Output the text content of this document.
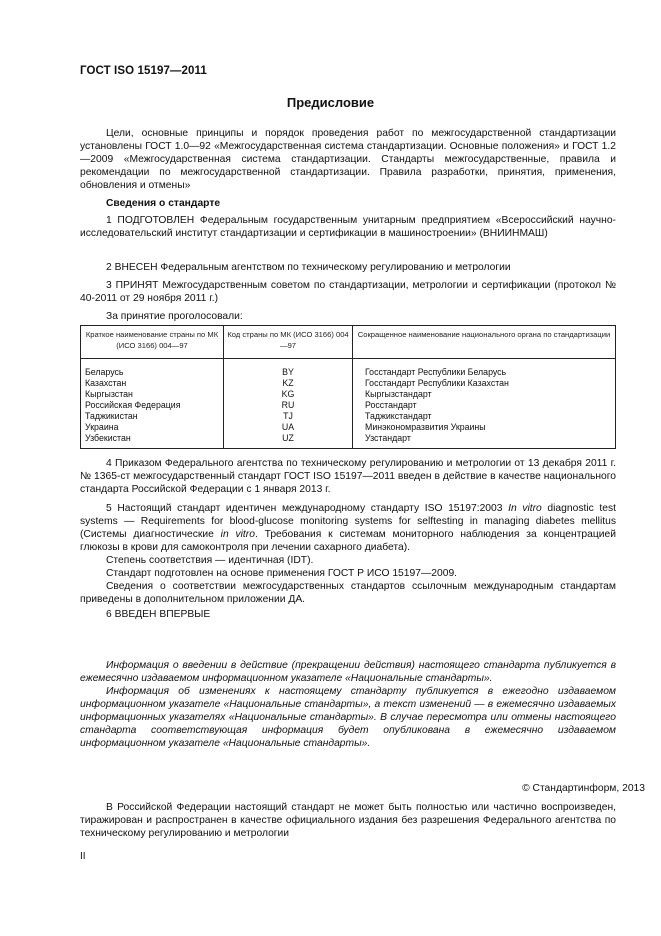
ГОСТ ISO 15197—2011
Предисловие

Цели, основные принципы и порядок проведения работ по межгосударственной стандартизации установлены ГОСТ 1.0—92 «Межгосударственная система стандартизации. Основные положения» и ГОСТ 1.2—2009 «Межгосударственная система стандартизации. Стандарты межгосударственные, правила и рекомендации по межгосударственной стандартизации. Правила разработки, принятия, применения, обновления и отмены»

Сведения о стандарте

1 ПОДГОТОВЛЕН Федеральным государственным унитарным предприятием «Всероссийский научно-исследовательский институт стандартизации и сертификации в машиностроении» (ВНИИНМАШ)

2 ВНЕСЕН Федеральным агентством по техническому регулированию и метрологии

3 ПРИНЯТ Межгосударственным советом по стандартизации, метрологии и сертификации (протокол № 40-2011 от 29 ноября 2011 г.)

За принятие проголосовали:

Краткое наименование страны по МК (ИСО 3166) 004—97	Код страны по МК (ИСО 3166) 004—97	Сокращенное наименование национального органа по стандартизации
Беларусь	BY	Госстандарт Республики Беларусь
Казахстан	KZ	Госстандарт Республики Казахстан
Кыргызстан	KG	Кыргызстандарт
Российская Федерация	RU	Росстандарт
Таджикистан	TJ	Таджикстандарт
Украина	UA	Минэкономразвития Украины
Узбекистан	UZ	Узстандарт

4 Приказом Федерального агентства по техническому регулированию и метрологии от 13 декабря 2011 г. № 1365-ст межгосударственный стандарт ГОСТ ISO 15197—2011 введен в действие в качестве национального стандарта Российской Федерации с 1 января 2013 г.

5 Настоящий стандарт идентичен международному стандарту ISO 15197:2003 In vitro diagnostic test systems — Requirements for blood-glucose monitoring systems for selftesting in managing diabetes mellitus (Системы диагностические in vitro. Требования к системам мониторного наблюдения за концентрацией глюкозы в крови для самоконтроля при лечении сахарного диабета).

Степень соответствия — идентичная (IDT).

Стандарт подготовлен на основе применения ГОСТ Р ИСО 15197—2009.

Сведения о соответствии межгосударственных стандартов ссылочным международным стандартам приведены в дополнительном приложении ДА.

6 ВВЕДЕН ВПЕРВЫЕ

Информация о введении в действие (прекращении действия) настоящего стандарта публикуется в ежемесячно издаваемом информационном указателе «Национальные стандарты».

Информация об изменениях к настоящему стандарту публикуется в ежегодно издаваемом информационном указателе «Национальные стандарты», а текст изменений — в ежемесячно издаваемых информационных указателях «Национальные стандарты». В случае пересмотра или отмены настоящего стандарта соответствующая информация будет опубликована в ежемесячно издаваемом информационном указателе «Национальные стандарты».

© Стандартинформ, 2013

В Российской Федерации настоящий стандарт не может быть полностью или частично воспроизведен, тиражирован и распространен в качестве официального издания без разрешения Федерального агентства по техническому регулированию и метрологии

II
